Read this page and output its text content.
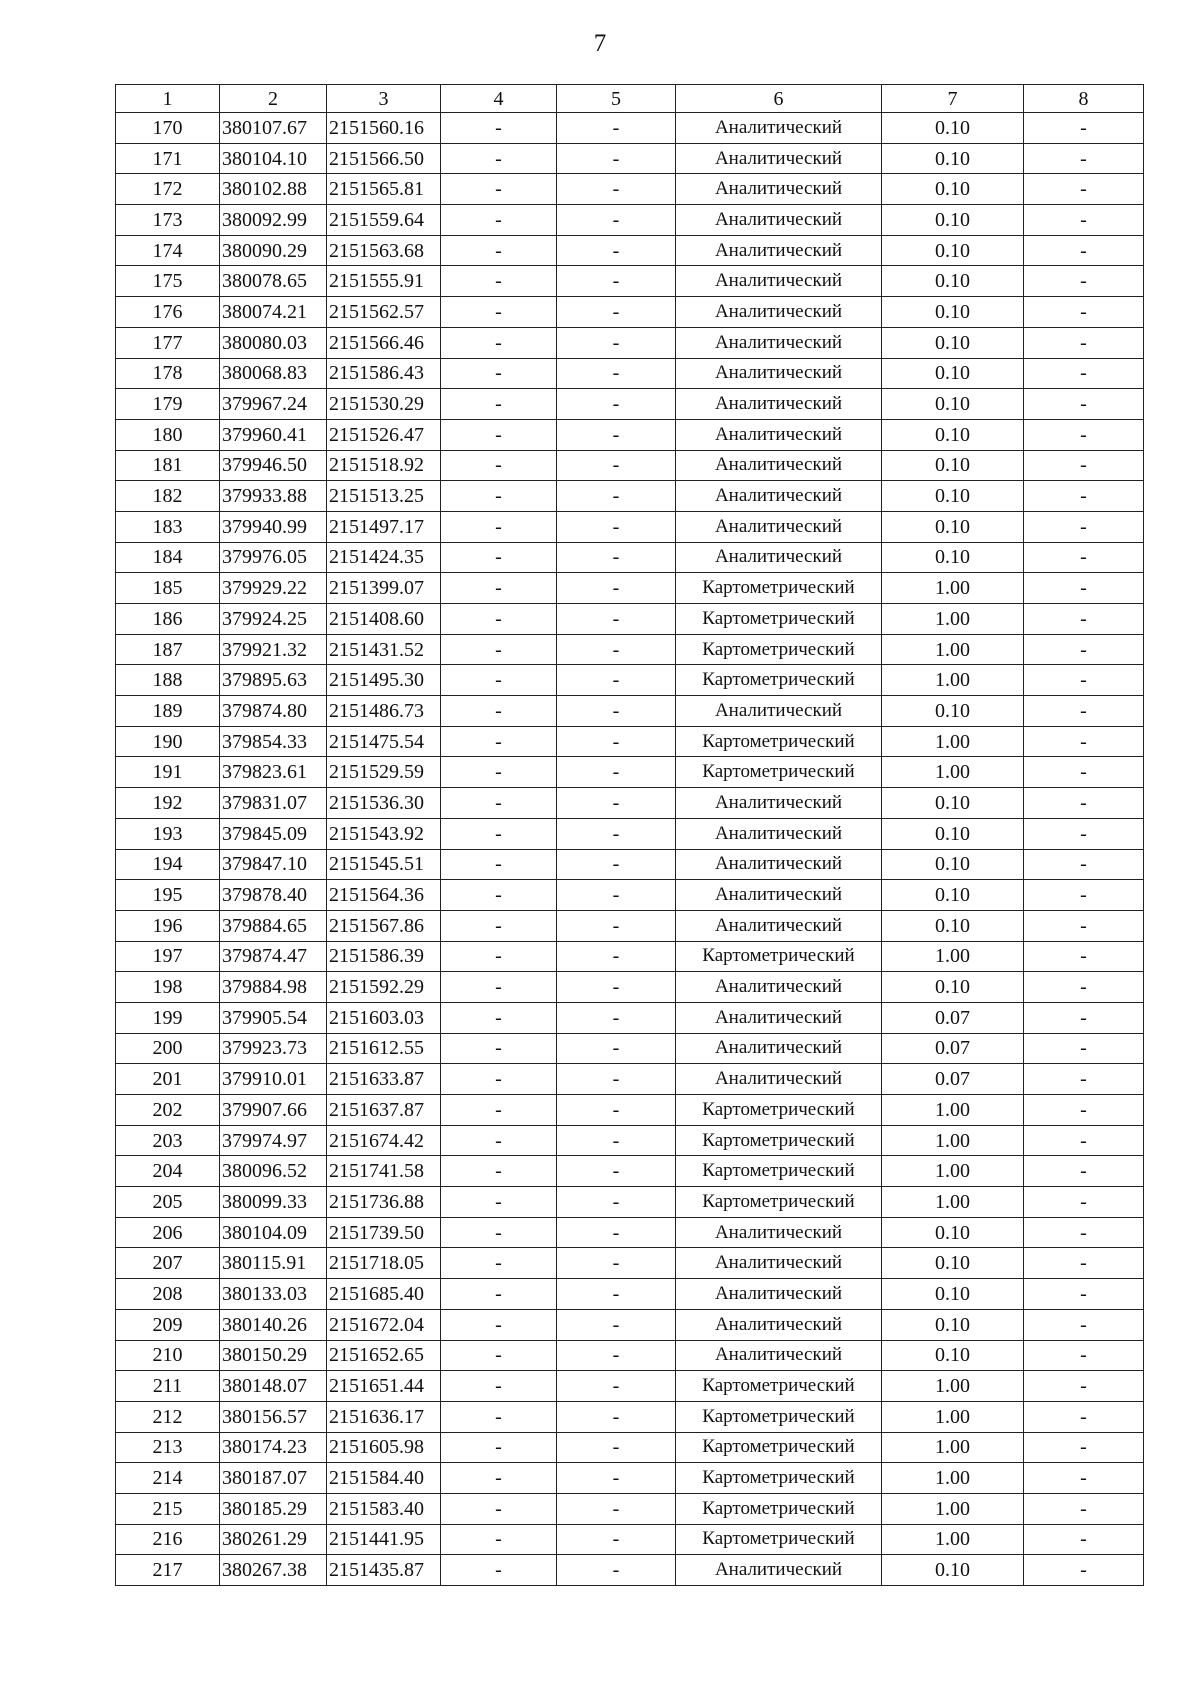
7
1	2	3	4	5	6	7	8
170	380107.67	2151560.16	-	-	Аналитический	0.10	-
171	380104.10	2151566.50	-	-	Аналитический	0.10	-
172	380102.88	2151565.81	-	-	Аналитический	0.10	-
173	380092.99	2151559.64	-	-	Аналитический	0.10	-
174	380090.29	2151563.68	-	-	Аналитический	0.10	-
175	380078.65	2151555.91	-	-	Аналитический	0.10	-
176	380074.21	2151562.57	-	-	Аналитический	0.10	-
177	380080.03	2151566.46	-	-	Аналитический	0.10	-
178	380068.83	2151586.43	-	-	Аналитический	0.10	-
179	379967.24	2151530.29	-	-	Аналитический	0.10	-
180	379960.41	2151526.47	-	-	Аналитический	0.10	-
181	379946.50	2151518.92	-	-	Аналитический	0.10	-
182	379933.88	2151513.25	-	-	Аналитический	0.10	-
183	379940.99	2151497.17	-	-	Аналитический	0.10	-
184	379976.05	2151424.35	-	-	Аналитический	0.10	-
185	379929.22	2151399.07	-	-	Картометрический	1.00	-
186	379924.25	2151408.60	-	-	Картометрический	1.00	-
187	379921.32	2151431.52	-	-	Картометрический	1.00	-
188	379895.63	2151495.30	-	-	Картометрический	1.00	-
189	379874.80	2151486.73	-	-	Аналитический	0.10	-
190	379854.33	2151475.54	-	-	Картометрический	1.00	-
191	379823.61	2151529.59	-	-	Картометрический	1.00	-
192	379831.07	2151536.30	-	-	Аналитический	0.10	-
193	379845.09	2151543.92	-	-	Аналитический	0.10	-
194	379847.10	2151545.51	-	-	Аналитический	0.10	-
195	379878.40	2151564.36	-	-	Аналитический	0.10	-
196	379884.65	2151567.86	-	-	Аналитический	0.10	-
197	379874.47	2151586.39	-	-	Картометрический	1.00	-
198	379884.98	2151592.29	-	-	Аналитический	0.10	-
199	379905.54	2151603.03	-	-	Аналитический	0.07	-
200	379923.73	2151612.55	-	-	Аналитический	0.07	-
201	379910.01	2151633.87	-	-	Аналитический	0.07	-
202	379907.66	2151637.87	-	-	Картометрический	1.00	-
203	379974.97	2151674.42	-	-	Картометрический	1.00	-
204	380096.52	2151741.58	-	-	Картометрический	1.00	-
205	380099.33	2151736.88	-	-	Картометрический	1.00	-
206	380104.09	2151739.50	-	-	Аналитический	0.10	-
207	380115.91	2151718.05	-	-	Аналитический	0.10	-
208	380133.03	2151685.40	-	-	Аналитический	0.10	-
209	380140.26	2151672.04	-	-	Аналитический	0.10	-
210	380150.29	2151652.65	-	-	Аналитический	0.10	-
211	380148.07	2151651.44	-	-	Картометрический	1.00	-
212	380156.57	2151636.17	-	-	Картометрический	1.00	-
213	380174.23	2151605.98	-	-	Картометрический	1.00	-
214	380187.07	2151584.40	-	-	Картометрический	1.00	-
215	380185.29	2151583.40	-	-	Картометрический	1.00	-
216	380261.29	2151441.95	-	-	Картометрический	1.00	-
217	380267.38	2151435.87	-	-	Аналитический	0.10	-
